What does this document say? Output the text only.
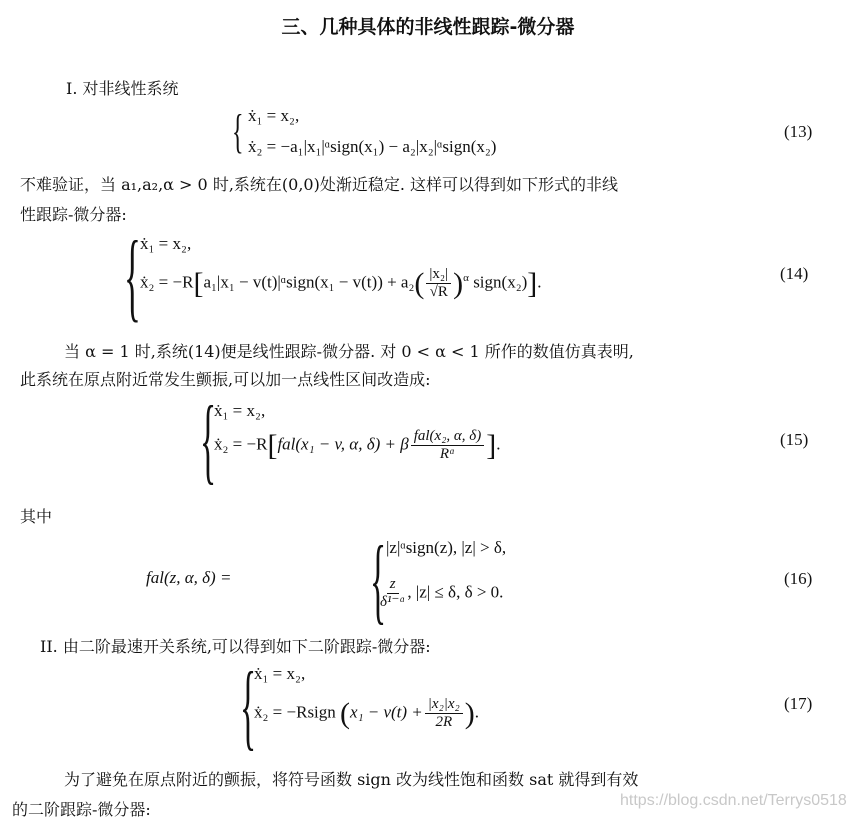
三、几种具体的非线性跟踪-微分器
I. 对非线性系统
{ ẋ₁ = x₂,
ẋ₂ = −a₁|x₁|ᵅsign(x₁) − a₂|x₂|ᵅsign(x₂)
(13)
不难验证，当 a₁,a₂,α > 0 时,系统在(0,0)处渐近稳定. 这样可以得到如下形式的非线
性跟踪-微分器:
{ ẋ₁ = x₂,
ẋ₂ = −R[a₁|x₁ − v(t)|ᵅsign(x₁ − $v(t)) + a_2( \frac{\text{|x₂|}}{√R} )^\alpha$ sign(x₂)].	(14)
当 α = 1 时,系统(14)便是线性跟踪-微分器. 对 0 < α < 1 所作的数值仿真表明,
此系统在原点附近常发生颤振,可以加一点线性区间改造成:
{
ẋ₁ = x₂,
ẋ₂ = −R[fal(x₁ − v, α, δ) + β $\frac{\text{fal(x₂, α, δ)}}{\text{Rᵅ}}$ ].	(15)
其中
fal(z, α, δ) = { |z|ᵅsign(z), |z| > δ,
$\frac{z}{\text{δ¹⁻ᵅ}}$ , |z| ≤ δ, δ > 0.
(16)
II. 由二阶最速开关系统,可以得到如下二阶跟踪-微分器:
{
ẋ₁ = x₂,
ẋ₂ = −Rsign ($x_1 - v(t) + \frac{\text{|x₂|x₂}}{2R}$ ).	(17)
为了避免在原点附近的颤振，将符号函数 sign 改为线性饱和函数 sat 就得到有效
的二阶跟踪-微分器:	https://blog.csdn.net/Terrys0518
